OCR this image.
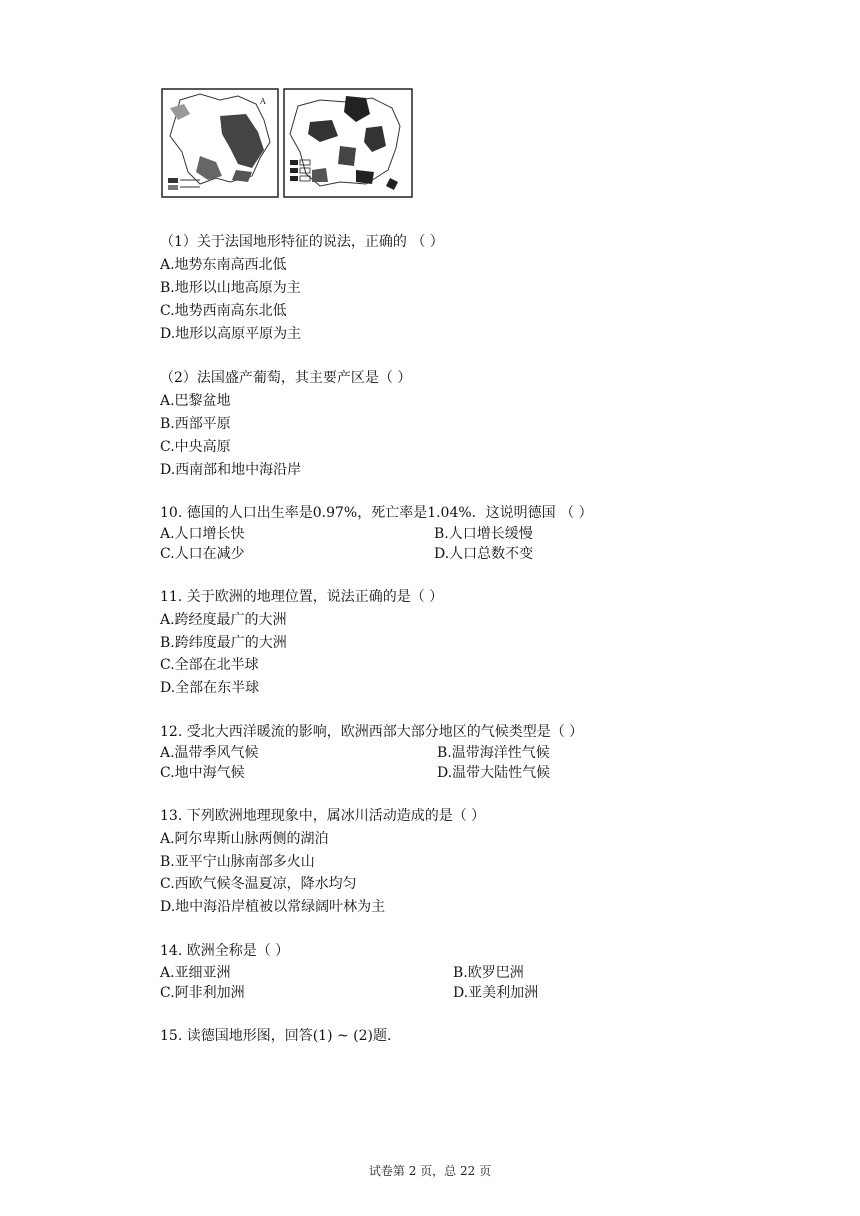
A
（1）关于法国地形特征的说法，正确的 （ ）
A.地势东南高西北低
B.地形以山地高原为主
C.地势西南高东北低
D.地形以高原平原为主
（2）法国盛产葡萄，其主要产区是（ ）
A.巴黎盆地
B.西部平原
C.中央高原
D.西南部和地中海沿岸
10. 德国的人口出生率是0.97%，死亡率是1.04%．这说明德国 （ ）
A.人口增长快	B.人口增长缓慢
C.人口在减少	D.人口总数不变
11. 关于欧洲的地理位置，说法正确的是（ ）
A.跨经度最广的大洲
B.跨纬度最广的大洲
C.全部在北半球
D.全部在东半球
12. 受北大西洋暖流的影响，欧洲西部大部分地区的气候类型是（ ）
A.温带季风气候	B.温带海洋性气候
C.地中海气候	D.温带大陆性气候
13. 下列欧洲地理现象中，属冰川活动造成的是（ ）
A.阿尔卑斯山脉两侧的湖泊
B.亚平宁山脉南部多火山
C.西欧气候冬温夏凉，降水均匀
D.地中海沿岸植被以常绿阔叶林为主
14. 欧洲全称是（ ）
A.亚细亚洲	B.欧罗巴洲
C.阿非利加洲	D.亚美利加洲
15. 读德国地形图，回答(1) ~ (2)题.
试卷第 2 页，总 22 页
